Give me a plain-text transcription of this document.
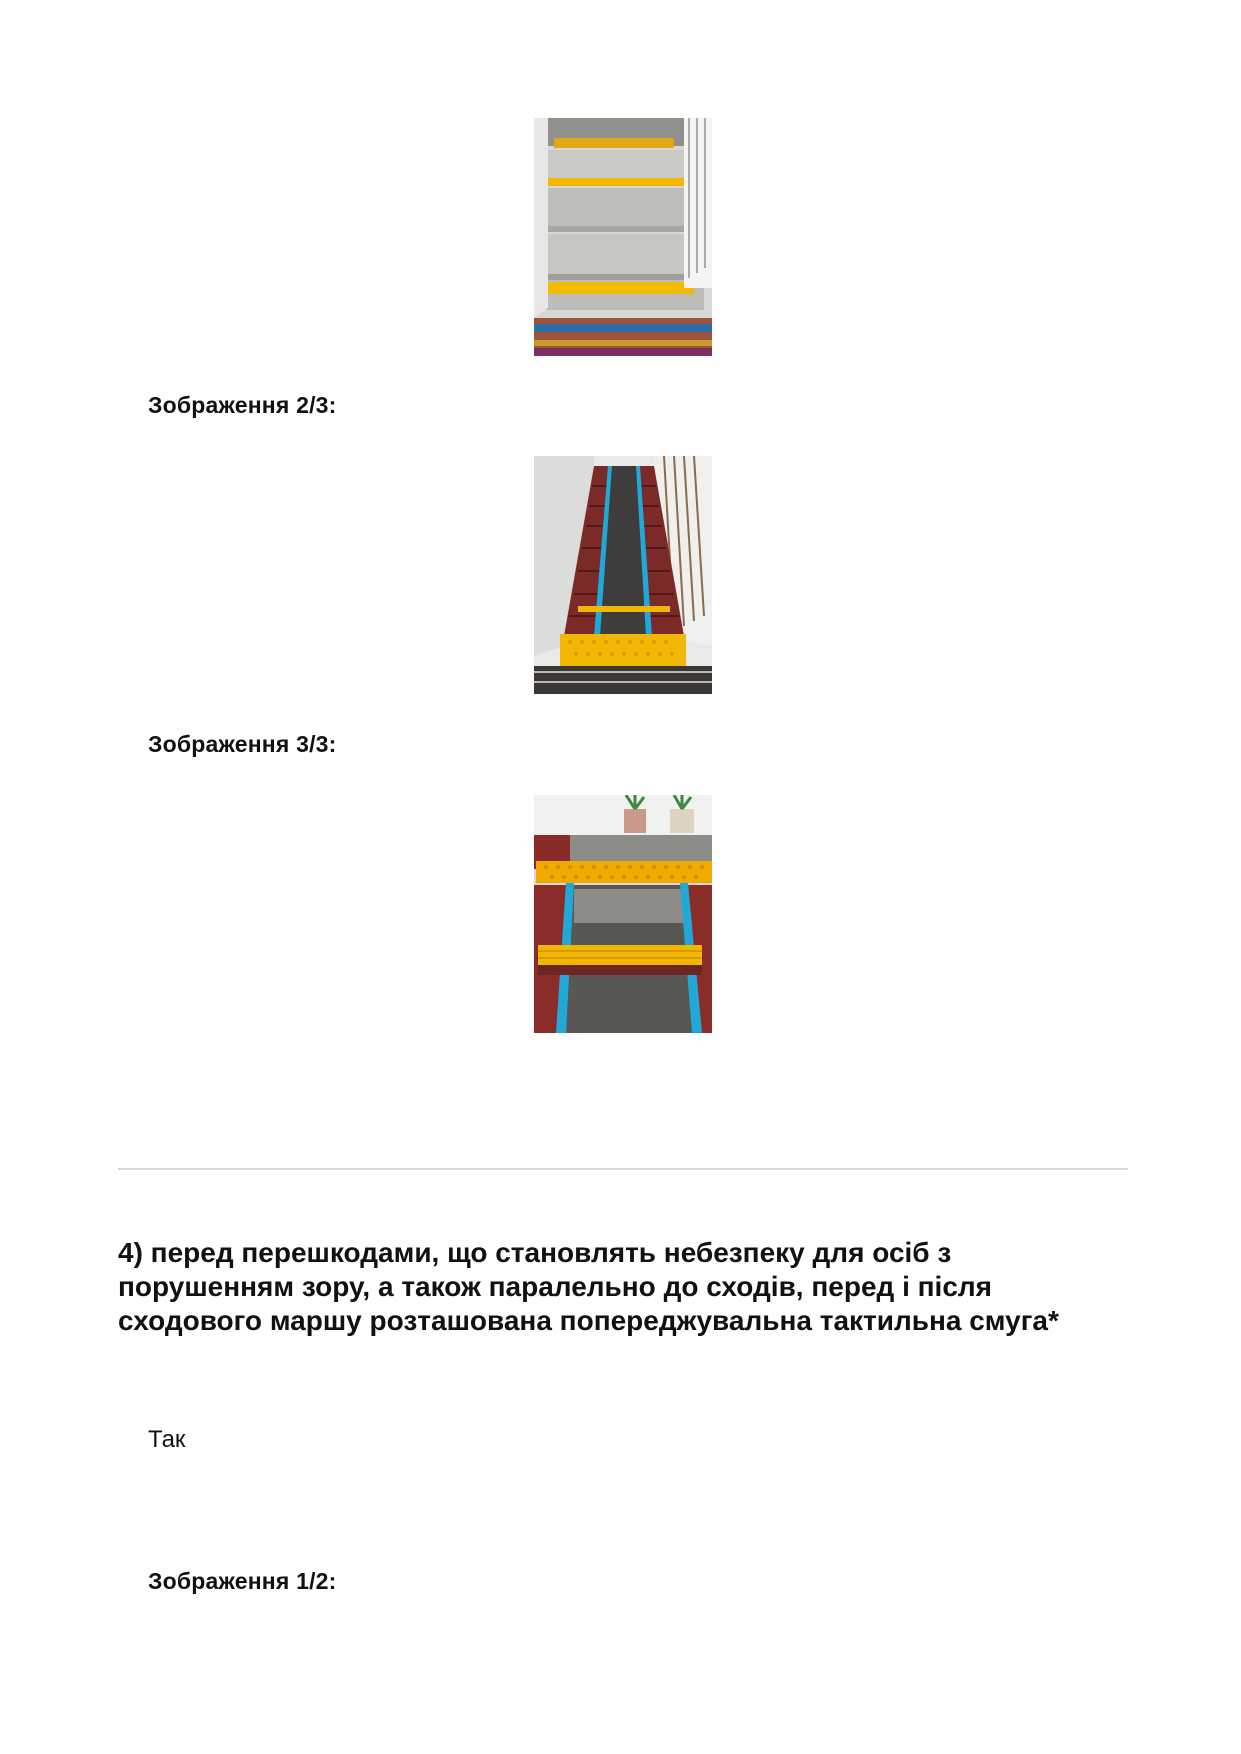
Зображення 2/3:
Зображення 3/3:
4) перед перешкодами, що становлять небезпеку для осіб з
порушенням зору, а також паралельно до сходів, перед і після
сходового маршу розташована попереджувальна тактильна смуга*
Так
Зображення 1/2:
